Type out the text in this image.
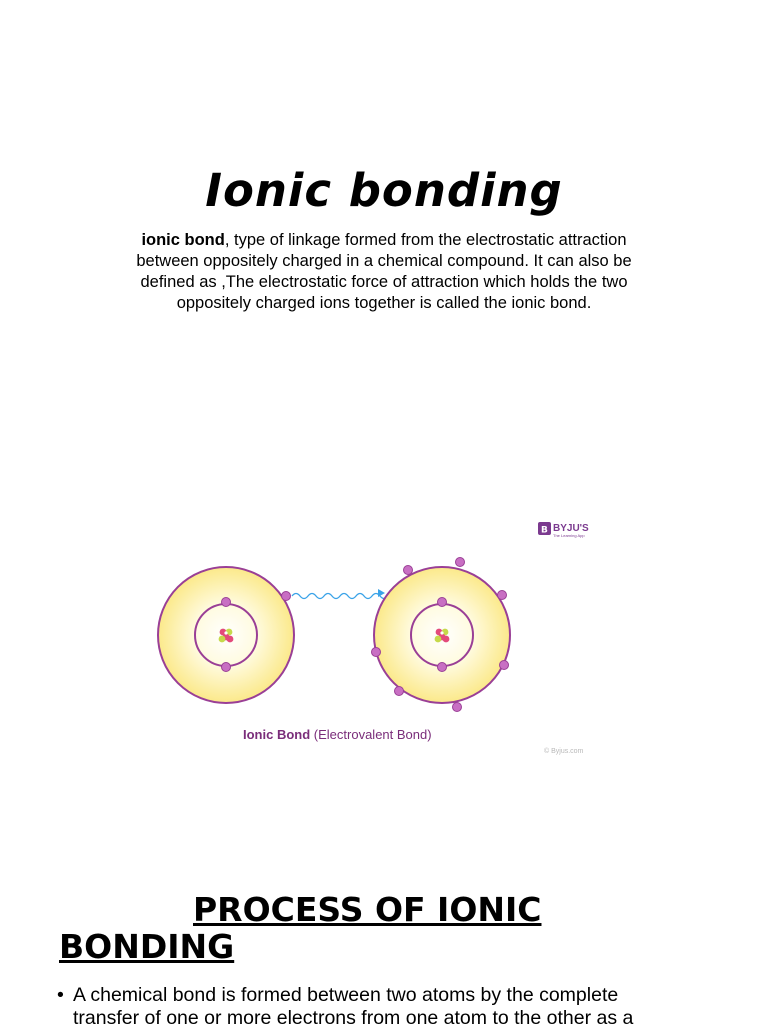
Ionic bonding
ionic bond, type of linkage formed from the electrostatic attraction between oppositely charged in a chemical compound. It can also be defined as ,The electrostatic force of attraction which holds the two oppositely charged ions together is called the ionic bond.
B BYJU'S
The Learning App
Ionic Bond (Electrovalent Bond)
© Byjus.com
PROCESS OF IONIC
BONDING
• A chemical bond is formed between two atoms by the complete
transfer of one or more electrons from one atom to the other as a
